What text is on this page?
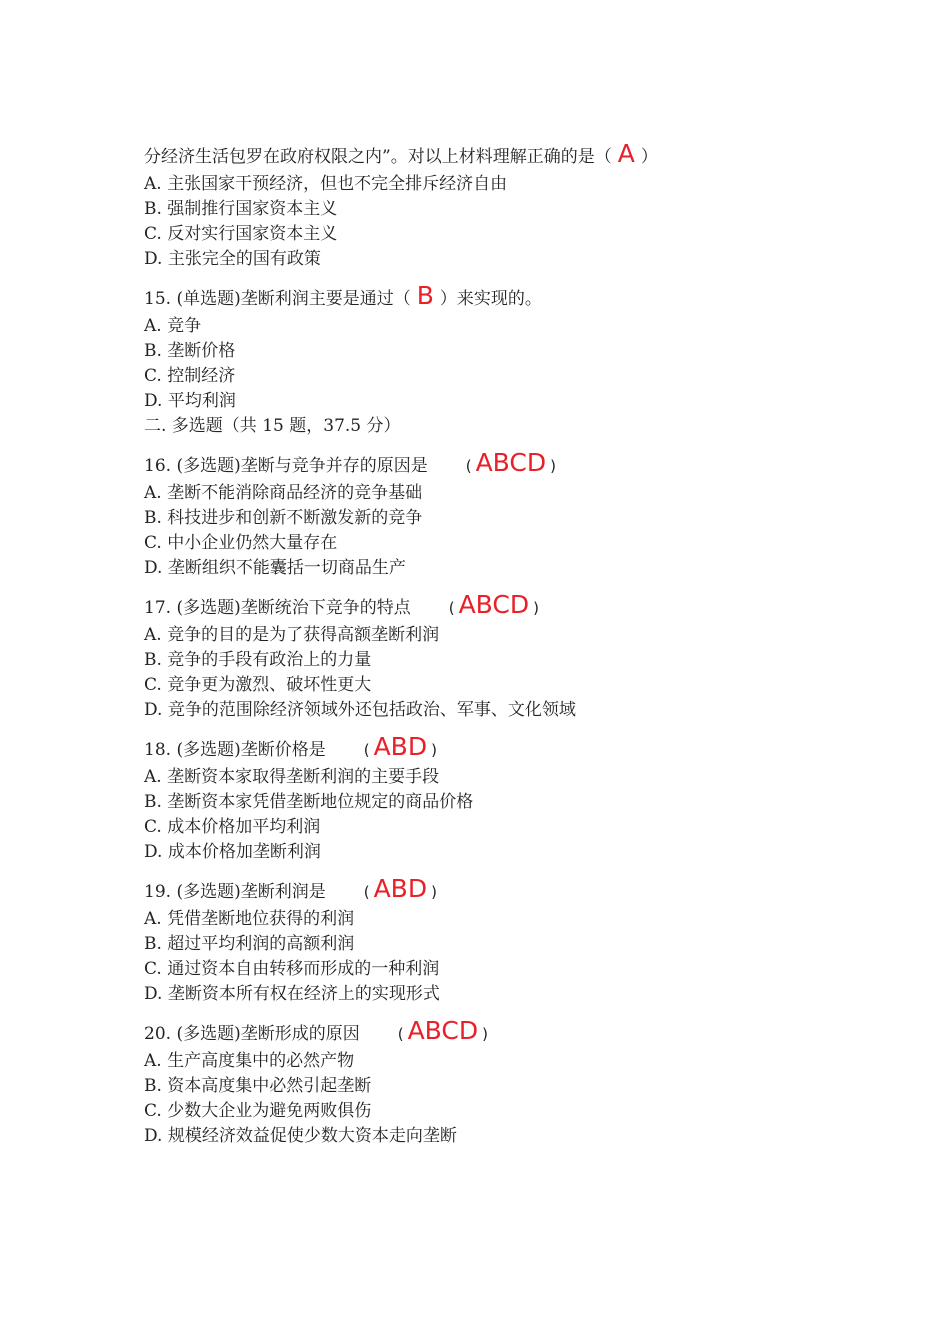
分经济生活包罗在政府权限之内”。对以上材料理解正确的是（ A ）
A. 主张国家干预经济，但也不完全排斥经济自由
B. 强制推行国家资本主义
C. 反对实行国家资本主义
D. 主张完全的国有政策
15. (单选题)垄断利润主要是通过（ B ）来实现的。
A. 竞争
B. 垄断价格
C. 控制经济
D. 平均利润
二. 多选题（共 15 题，37.5 分）
16. (多选题)垄断与竞争并存的原因是	( ABCD )
A. 垄断不能消除商品经济的竞争基础
B. 科技进步和创新不断激发新的竞争
C. 中小企业仍然大量存在
D. 垄断组织不能囊括一切商品生产
17. (多选题)垄断统治下竞争的特点	( ABCD )
A. 竞争的目的是为了获得高额垄断利润
B. 竞争的手段有政治上的力量
C. 竞争更为激烈、破坏性更大
D. 竞争的范围除经济领域外还包括政治、军事、文化领域
18. (多选题)垄断价格是	( ABD )
A. 垄断资本家取得垄断利润的主要手段
B. 垄断资本家凭借垄断地位规定的商品价格
C. 成本价格加平均利润
D. 成本价格加垄断利润
19. (多选题)垄断利润是	( ABD )
A. 凭借垄断地位获得的利润
B. 超过平均利润的高额利润
C. 通过资本自由转移而形成的一种利润
D. 垄断资本所有权在经济上的实现形式
20. (多选题)垄断形成的原因	( ABCD )
A. 生产高度集中的必然产物
B. 资本高度集中必然引起垄断
C. 少数大企业为避免两败俱伤
D. 规模经济效益促使少数大资本走向垄断
